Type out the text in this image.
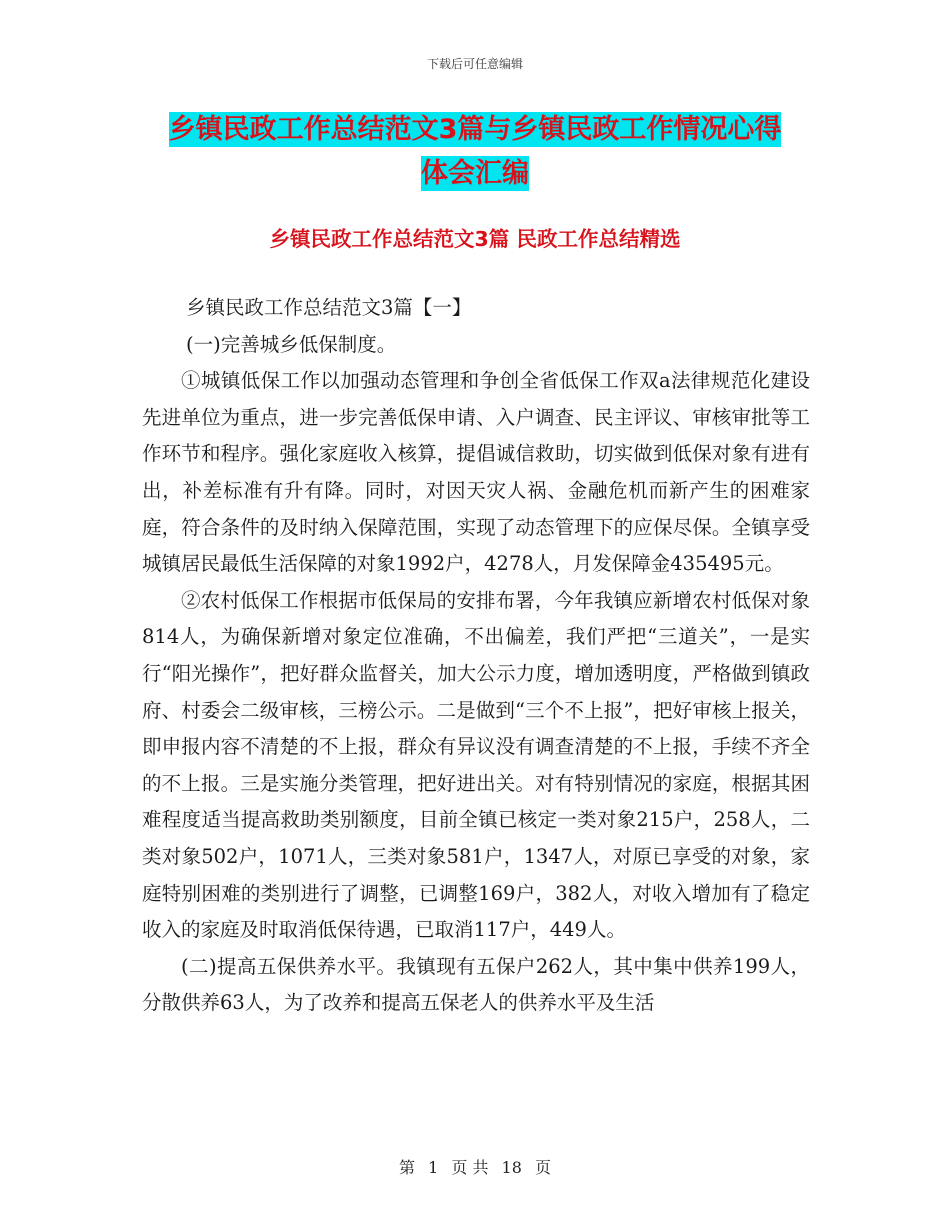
下载后可任意编辑
乡镇民政工作总结范文3篇与乡镇民政工作情况心得
体会汇编
乡镇民政工作总结范文3篇 民政工作总结精选

乡镇民政工作总结范文3篇【一】

(一)完善城乡低保制度。

①城镇低保工作以加强动态管理和争创全省低保工作双a法律规范化建设先进单位为重点，进一步完善低保申请、入户调查、民主评议、审核审批等工作环节和程序。强化家庭收入核算，提倡诚信救助，切实做到低保对象有进有出，补差标准有升有降。同时，对因天灾人祸、金融危机而新产生的困难家庭，符合条件的及时纳入保障范围，实现了动态管理下的应保尽保。全镇享受城镇居民最低生活保障的对象1992户，4278人，月发保障金435495元。

②农村低保工作根据市低保局的安排布署，今年我镇应新增农村低保对象814人，为确保新增对象定位准确，不出偏差，我们严把“三道关”，一是实行“阳光操作”，把好群众监督关，加大公示力度，增加透明度，严格做到镇政府、村委会二级审核，三榜公示。二是做到“三个不上报”，把好审核上报关，即申报内容不清楚的不上报，群众有异议没有调查清楚的不上报，手续不齐全的不上报。三是实施分类管理，把好进出关。对有特别情况的家庭，根据其困难程度适当提高救助类别额度，目前全镇已核定一类对象215户，258人，二类对象502户，1071人，三类对象581户，1347人，对原已享受的对象，家庭特别困难的类别进行了调整，已调整169户，382人，对收入增加有了稳定收入的家庭及时取消低保待遇，已取消117户，449人。

(二)提高五保供养水平。我镇现有五保户262人，其中集中供养199人，分散供养63人，为了改养和提高五保老人的供养水平及生活

第 1 页 共 18 页
